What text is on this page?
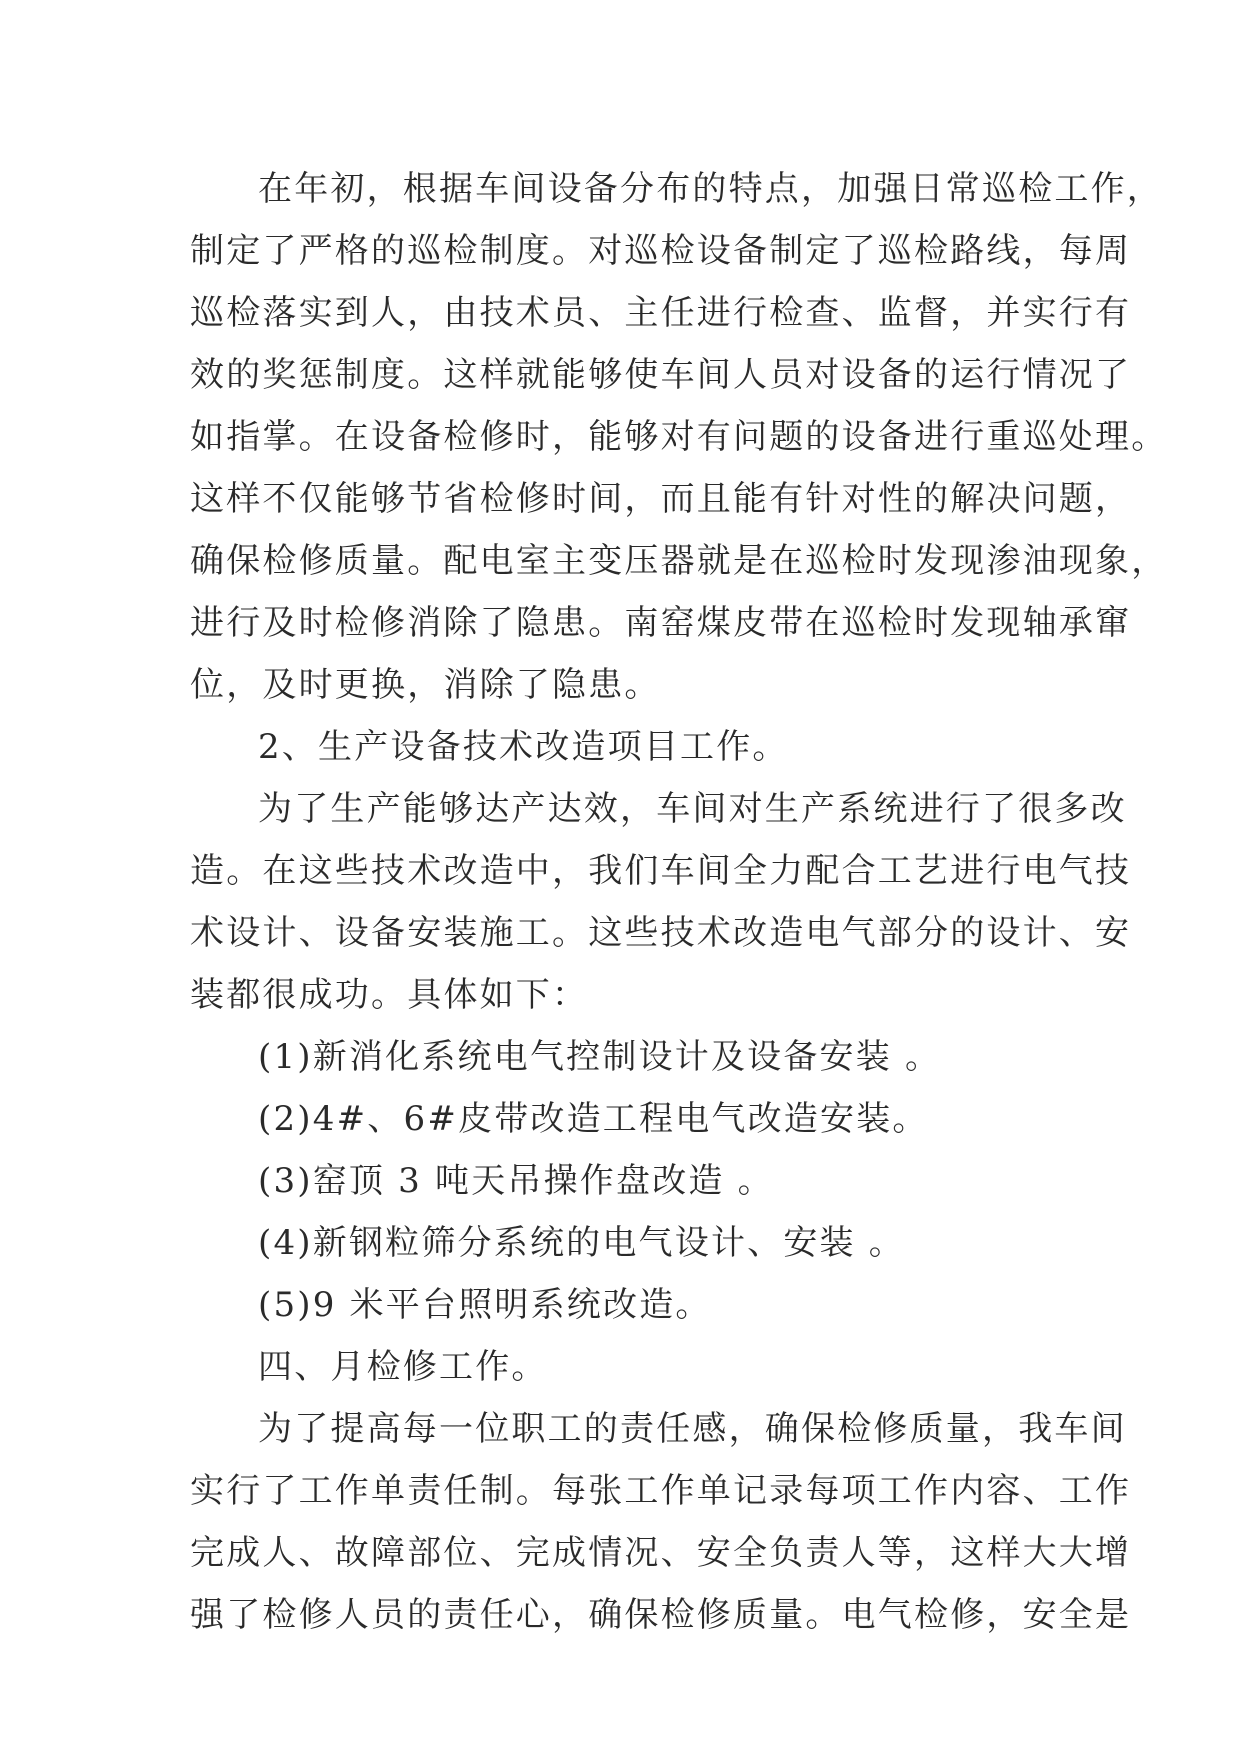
在年初，根据车间设备分布的特点，加强日常巡检工作，
制定了严格的巡检制度。对巡检设备制定了巡检路线，每周
巡检落实到人，由技术员、主任进行检查、监督，并实行有
效的奖惩制度。这样就能够使车间人员对设备的运行情况了
如指掌。在设备检修时，能够对有问题的设备进行重巡处理。
这样不仅能够节省检修时间，而且能有针对性的解决问题，
确保检修质量。配电室主变压器就是在巡检时发现渗油现象，
进行及时检修消除了隐患。南窑煤皮带在巡检时发现轴承窜
位，及时更换，消除了隐患。
2、生产设备技术改造项目工作。
为了生产能够达产达效，车间对生产系统进行了很多改
造。在这些技术改造中，我们车间全力配合工艺进行电气技
术设计、设备安装施工。这些技术改造电气部分的设计、安
装都很成功。具体如下：
(1)新消化系统电气控制设计及设备安装 。
(2)4#、6#皮带改造工程电气改造安装。
(3)窑顶 3 吨天吊操作盘改造 。
(4)新钢粒筛分系统的电气设计、安装 。
(5)9 米平台照明系统改造。
四、月检修工作。
为了提高每一位职工的责任感，确保检修质量，我车间
实行了工作单责任制。每张工作单记录每项工作内容、工作
完成人、故障部位、完成情况、安全负责人等，这样大大增
强了检修人员的责任心，确保检修质量。电气检修，安全是
